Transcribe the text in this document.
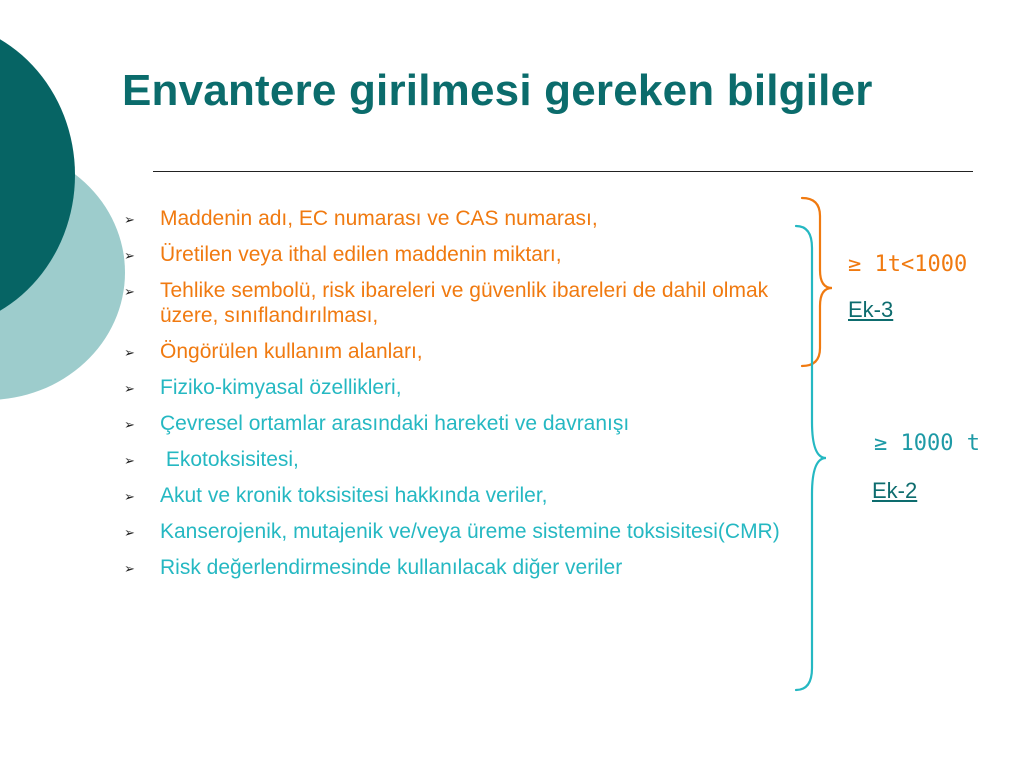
Envantere girilmesi gereken bilgiler
➢ Maddenin adı, EC numarası ve CAS numarası,
➢ Üretilen veya ithal edilen maddenin miktarı,
➢ Tehlike sembolü, risk ibareleri ve güvenlik ibareleri de dahil olmak üzere, sınıflandırılması,
➢ Öngörülen kullanım alanları,
➢ Fiziko-kimyasal özellikleri,
➢ Çevresel ortamlar arasındaki hareketi ve davranışı
➢ Ekotoksisitesi,
➢ Akut ve kronik toksisitesi hakkında veriler,
➢ Kanserojenik, mutajenik ve/veya üreme sistemine toksisitesi(CMR)
➢ Risk değerlendirmesinde kullanılacak diğer veriler
≥ 1t<1000
Ek-3
≥ 1000 t
Ek-2
